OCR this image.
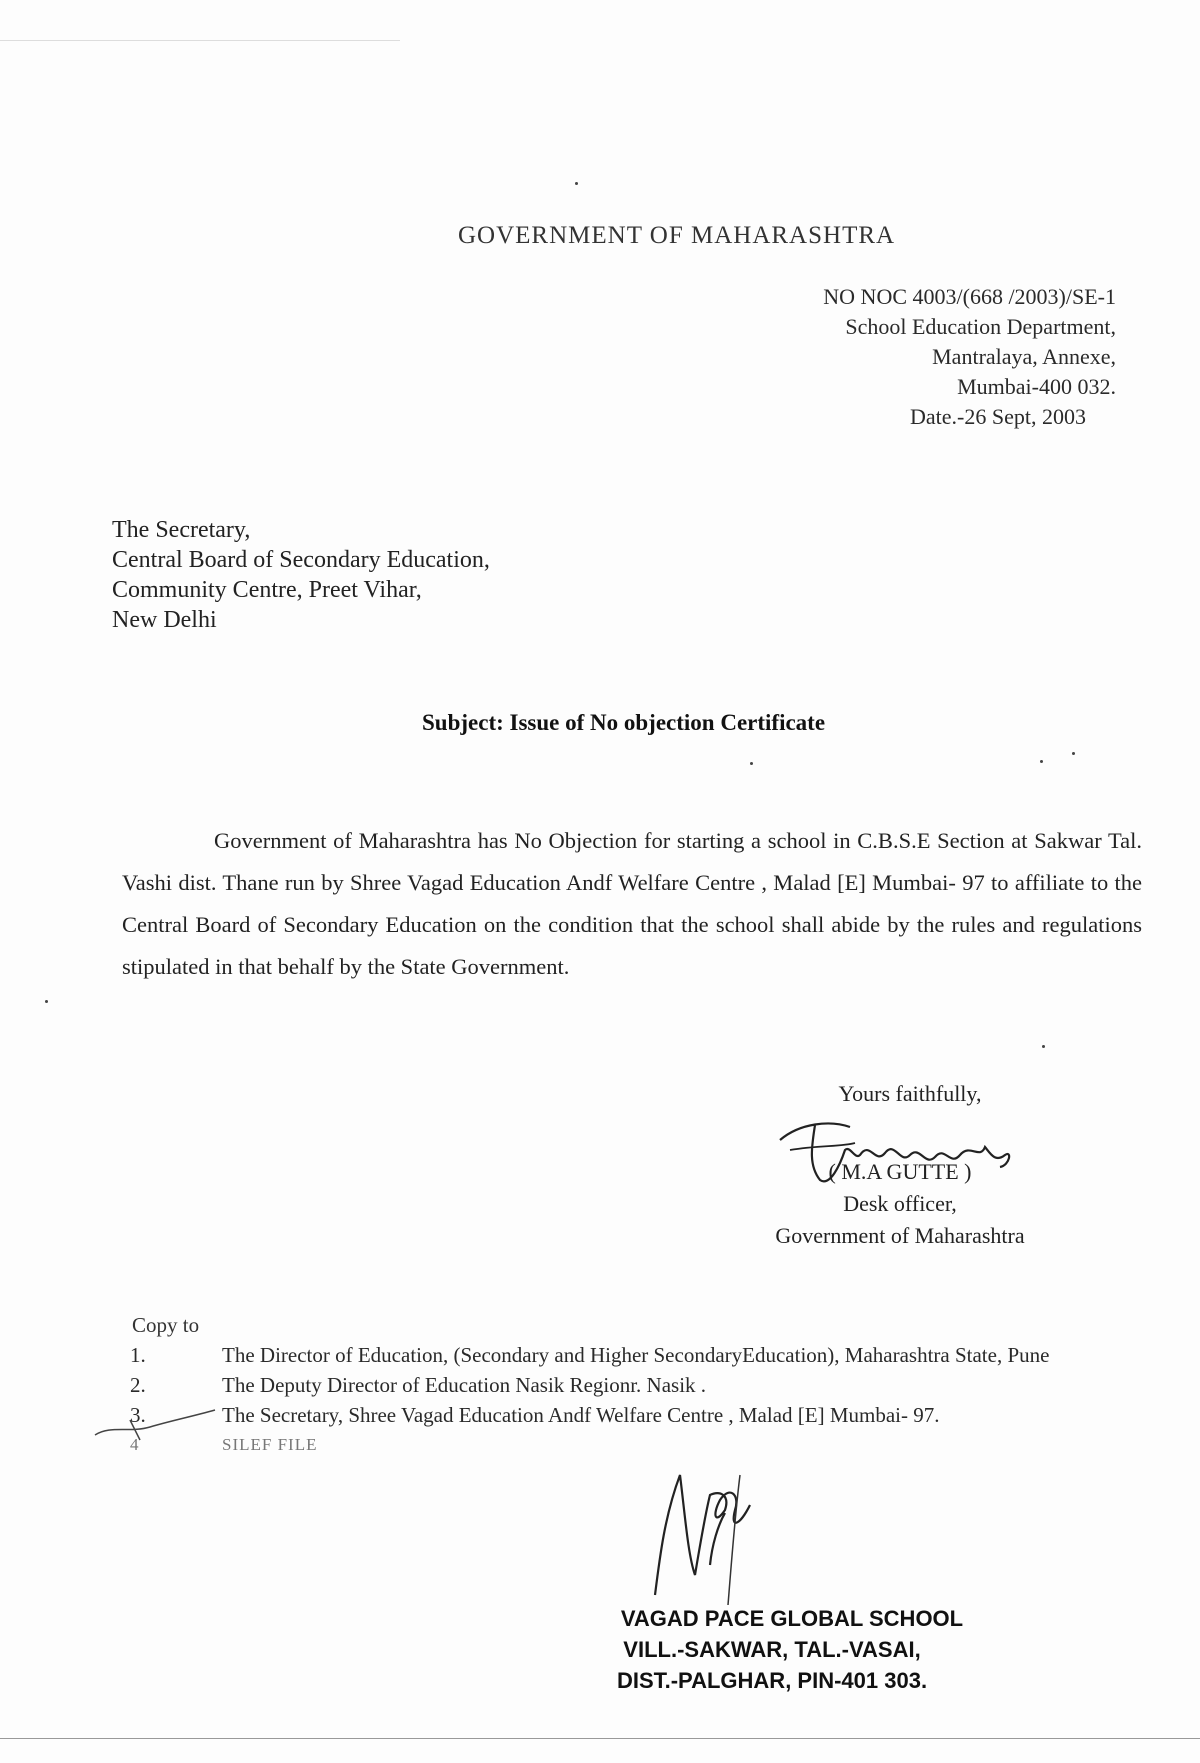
GOVERNMENT OF MAHARASHTRA
NO NOC 4003/(668 /2003)/SE-1
School Education Department,
Mantralaya, Annexe,
Mumbai-400 032.
Date.-26 Sept, 2003
The Secretary,
Central Board of Secondary Education,
Community Centre, Preet Vihar,
New Delhi
Subject: Issue of No objection Certificate

Government of Maharashtra has No Objection for starting a school in C.B.S.E Section at Sakwar Tal. Vashi dist. Thane run by Shree Vagad Education Andf Welfare Centre , Malad [E] Mumbai- 97 to affiliate to the Central Board of Secondary Education on the condition that the school shall abide by the rules and regulations stipulated in that behalf by the State Government.

Yours faithfully,
( M.A GUTTE )
Desk officer,
Government of Maharashtra
Copy to
1.	The Director of Education, (Secondary and Higher SecondaryEducation), Maharashtra State, Pune
2.	The Deputy Director of Education Nasik Regionr. Nasik .
3.	The Secretary, Shree Vagad Education Andf Welfare Centre , Malad [E] Mumbai- 97.
4	SILEF FILE
VAGAD PACE GLOBAL SCHOOL
VILL.-SAKWAR, TAL.-VASAI,
DIST.-PALGHAR, PIN-401 303.
